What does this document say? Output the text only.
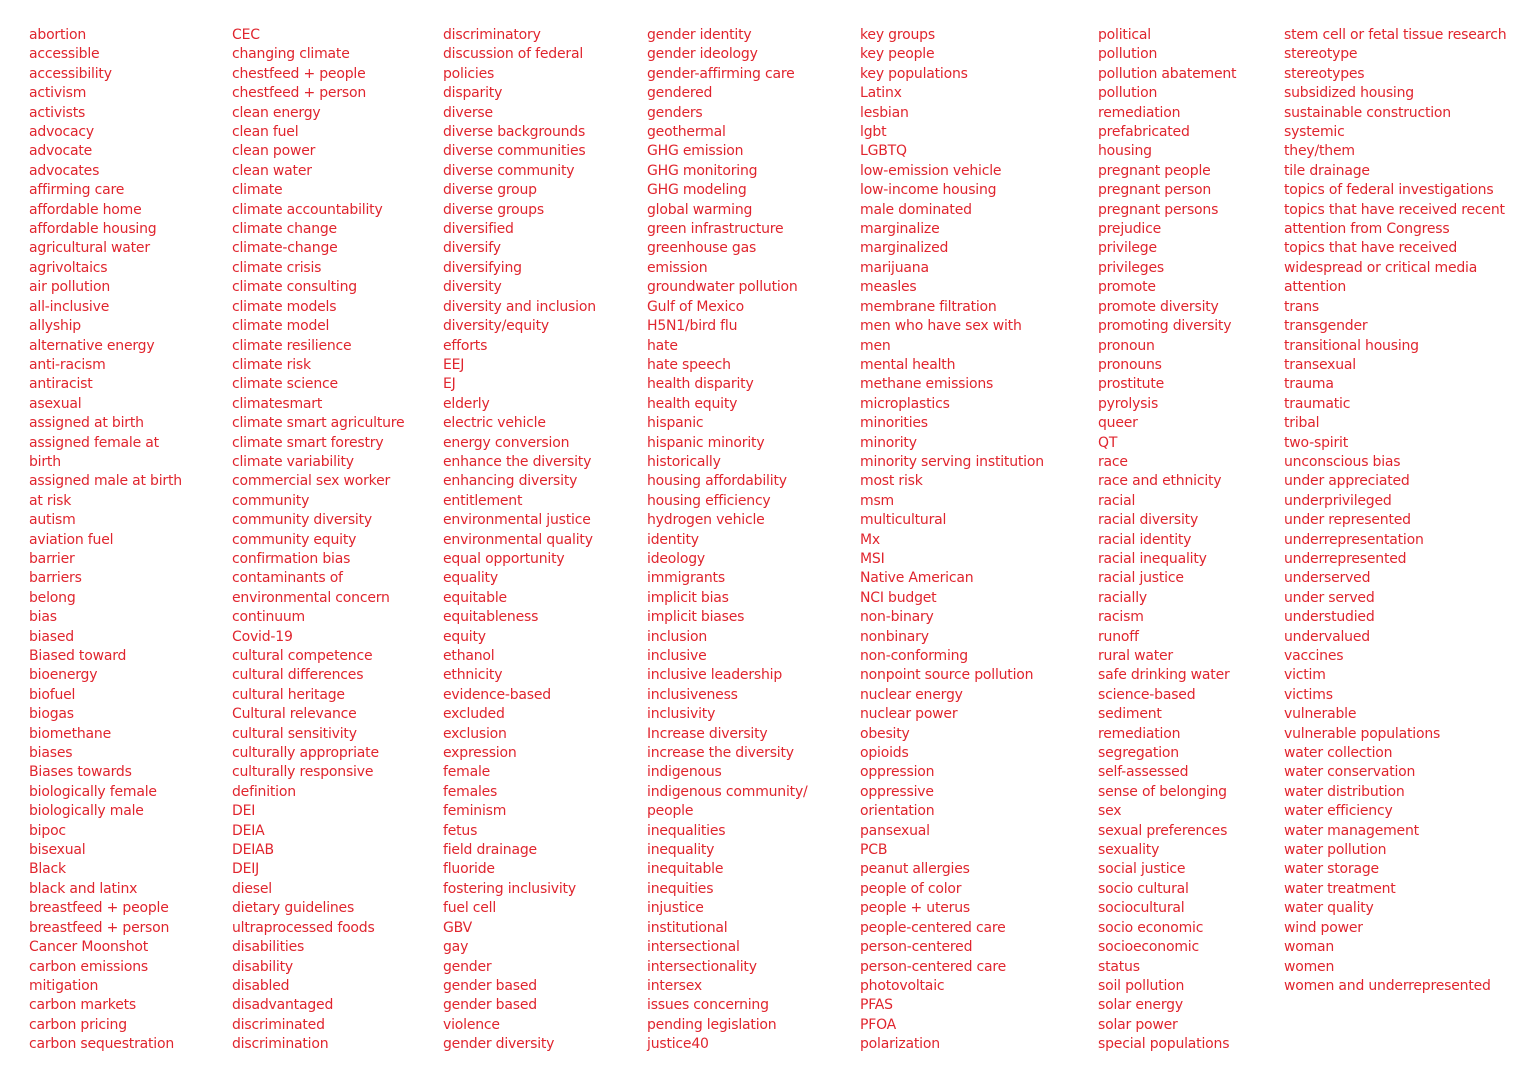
abortion
accessible
accessibility
activism
activists
advocacy
advocate
advocates
affirming care
affordable home
affordable housing
agricultural water
agrivoltaics
air pollution
all-inclusive
allyship
alternative energy
anti-racism
antiracist
asexual
assigned at birth
assigned female at
birth
assigned male at birth
at risk
autism
aviation fuel
barrier
barriers
belong
bias
biased
Biased toward
bioenergy
biofuel
biogas
biomethane
biases
Biases towards
biologically female
biologically male
bipoc
bisexual
Black
black and latinx
breastfeed + people
breastfeed + person
Cancer Moonshot
carbon emissions
mitigation
carbon markets
carbon pricing
carbon sequestration
CEC
changing climate
chestfeed + people
chestfeed + person
clean energy
clean fuel
clean power
clean water
climate
climate accountability
climate change
climate-change
climate crisis
climate consulting
climate models
climate model
climate resilience
climate risk
climate science
climatesmart
climate smart agriculture
climate smart forestry
climate variability
commercial sex worker
community
community diversity
community equity
confirmation bias
contaminants of
environmental concern
continuum
Covid-19
cultural competence
cultural differences
cultural heritage
Cultural relevance
cultural sensitivity
culturally appropriate
culturally responsive
definition
DEI
DEIA
DEIAB
DEIJ
diesel
dietary guidelines
ultraprocessed foods
disabilities
disability
disabled
disadvantaged
discriminated
discrimination
discriminatory
discussion of federal
policies
disparity
diverse
diverse backgrounds
diverse communities
diverse community
diverse group
diverse groups
diversified
diversify
diversifying
diversity
diversity and inclusion
diversity/equity
efforts
EEJ
EJ
elderly
electric vehicle
energy conversion
enhance the diversity
enhancing diversity
entitlement
environmental justice
environmental quality
equal opportunity
equality
equitable
equitableness
equity
ethanol
ethnicity
evidence-based
excluded
exclusion
expression
female
females
feminism
fetus
field drainage
fluoride
fostering inclusivity
fuel cell
GBV
gay
gender
gender based
gender based
violence
gender diversity
gender identity
gender ideology
gender-affirming care
gendered
genders
geothermal
GHG emission
GHG monitoring
GHG modeling
global warming
green infrastructure
greenhouse gas
emission
groundwater pollution
Gulf of Mexico
H5N1/bird flu
hate
hate speech
health disparity
health equity
hispanic
hispanic minority
historically
housing affordability
housing efficiency
hydrogen vehicle
identity
ideology
immigrants
implicit bias
implicit biases
inclusion
inclusive
inclusive leadership
inclusiveness
inclusivity
Increase diversity
increase the diversity
indigenous
indigenous community/
people
inequalities
inequality
inequitable
inequities
injustice
institutional
intersectional
intersectionality
intersex
issues concerning
pending legislation
justice40
key groups
key people
key populations
Latinx
lesbian
lgbt
LGBTQ
low-emission vehicle
low-income housing
male dominated
marginalize
marginalized
marijuana
measles
membrane filtration
men who have sex with
men
mental health
methane emissions
microplastics
minorities
minority
minority serving institution
most risk
msm
multicultural
Mx
MSI
Native American
NCI budget
non-binary
nonbinary
non-conforming
nonpoint source pollution
nuclear energy
nuclear power
obesity
opioids
oppression
oppressive
orientation
pansexual
PCB
peanut allergies
people of color
people + uterus
people-centered care
person-centered
person-centered care
photovoltaic
PFAS
PFOA
polarization
political
pollution
pollution abatement
pollution
remediation
prefabricated
housing
pregnant people
pregnant person
pregnant persons
prejudice
privilege
privileges
promote
promote diversity
promoting diversity
pronoun
pronouns
prostitute
pyrolysis
queer
QT
race
race and ethnicity
racial
racial diversity
racial identity
racial inequality
racial justice
racially
racism
runoff
rural water
safe drinking water
science-based
sediment
remediation
segregation
self-assessed
sense of belonging
sex
sexual preferences
sexuality
social justice
socio cultural
sociocultural
socio economic
socioeconomic
status
soil pollution
solar energy
solar power
special populations
stem cell or fetal tissue research
stereotype
stereotypes
subsidized housing
sustainable construction
systemic
they/them
tile drainage
topics of federal investigations
topics that have received recent
attention from Congress
topics that have received
widespread or critical media
attention
trans
transgender
transitional housing
transexual
trauma
traumatic
tribal
two-spirit
unconscious bias
under appreciated
underprivileged
under represented
underrepresentation
underrepresented
underserved
under served
understudied
undervalued
vaccines
victim
victims
vulnerable
vulnerable populations
water collection
water conservation
water distribution
water efficiency
water management
water pollution
water storage
water treatment
water quality
wind power
woman
women
women and underrepresented
